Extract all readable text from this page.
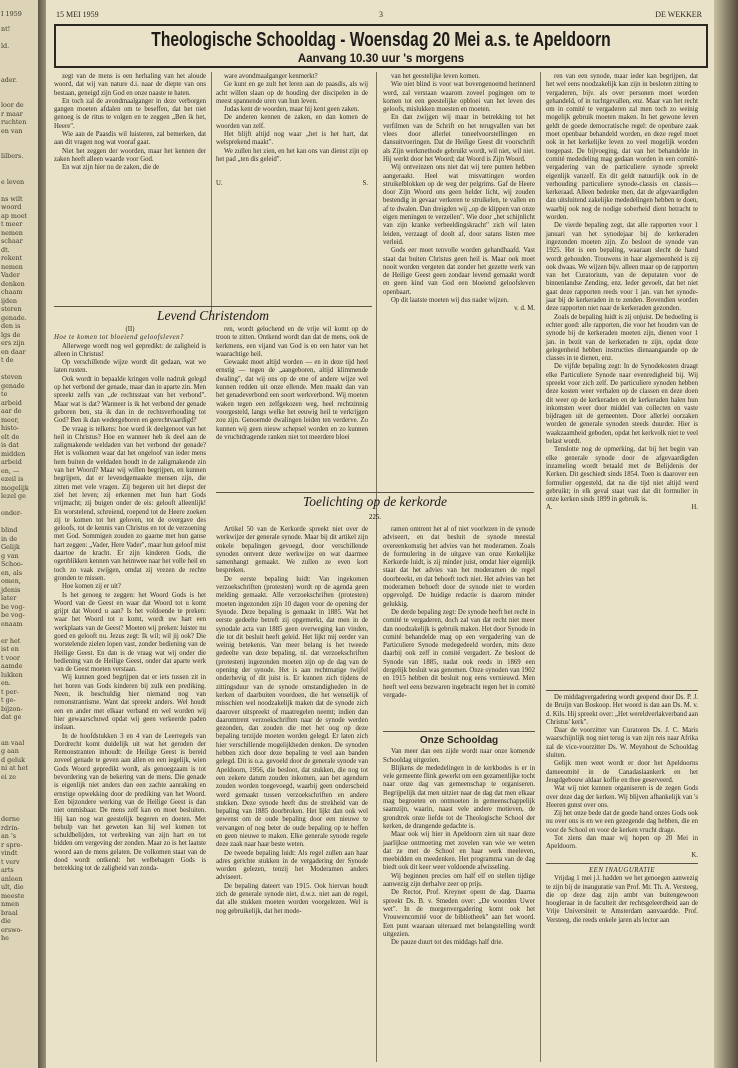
I 1959
nt!

ld.

ader.

loor de
r maar
ruchten
en van

lilbers.

e leven

ns wilt
woord
ap moet
t meer
nemen
schaar
dt.
rekent
nemen
Vader
denken
chaam
ijden
steren
genade.
den is
lgs de
ers zijn
en daar
t de

steven
genade
te
arbeid
aar de
meer,
histo-
elt de
is dat
midden
arbeid
en, —
ezeil is
mogelijk
lezel ge

onder-

blind
in de
Gelijk
g van
Schoo-
en, als
omen,
jdenis
later
be vog-
be vog-
enaam

er het
ist en
t voor
aamde
lukken
en.
t per-
t ge-
bijzon-
dat ge

an vaal
g aan
d geluk
ni at het
ei ze

derne
rdrin-
an 's
r spre-
vindt
t verv
arts
anleen
ult, die
meeste
nmen
braal
die
erswo-
he
15 MEI 1959	3	DE WEKKER
Theologische Schooldag - Woensdag 20 Mei a.s. te Apeldoorn
Aanvang 10.30 uur 's morgens

zegt van de mens is een herhaling van het aloude woord, dat wij van nature d.i. naar de diepte van ons bestaan, geneigd zijn God en onze naaste te haten.

En toch zal de avondmaalganger in deze verborgen gangen moeten afdalen om te beseffen, dat het niet genoeg is de ritus te volgen en te zeggen „Ben ik het, Heere".

Wie aan de Paasdis wil luisteren, zal bemerken, dat aan dit vragen nog wat vooraf gaat.

Niet het zeggen der woorden, maar het kennen der zaken heeft alleen waarde voor God.

En wat zijn hier nu de zaken, die de

ware avondmaalganger kenmerkt?

Ge kunt en ge zult het leren aan de paasdis, als wij acht willen slaan op de houding der discipelen in de meest spannende uren van hun leven.

Judas kent de woorden, maar hij kent geen zaken.

De anderen kennen de zaken, en dan komen de woorden van zelf.

Het blijft altijd nog waar „het is het hart, dat welsprekend maakt".

We zullen het zien, en het kan ons van dienst zijn op het pad „ten dis geleid".

U.	S.

van het geestelijke leven komen.

Wie niet blind is voor wat bovengenoemd herinnerd werd, zal verstaan waarom zoveel pogingen om te komen tot een geestelijke opbloei van het leven des geloofs, mislukken moesten en moeten.

En dan zwijgen wij maar in betrekking tot het verfilmen van de Schrift en het terugvallen van het vlees door allerlei toneelvoorstellingen en dansuitvoeringen. Dat de Heilige Geest dit voorschrift als Zijn werkmethode gebruikt wordt, wil niet, wil niet. Hij werkt door het Woord; dat Woord is Zijn Woord.

Wij ontveinzen ons niet dat wij tere punten hebben aangeraakt. Heel wat misvattingen worden struikelblokken op de weg der pelgrims. Gaf de Heere door Zijn Woord ons geen helder licht, wij zouden bestendig in gevaar verkeren te struikelen, te vallen en af te dwalen. Dan dreigden wij „op de klippen van onze eigen meningen te verzeilen". Wie door „het schijnlicht van zijn kranke verbeeldingskracht" zich wil laten leiden, verzaagt of doolt af, door satans listen mee verleid.

Gods eer moet tenvolle worden gehandhaafd. Vast staat dat buiten Christus geen heil is. Maar ook moet nooit worden vergeten dat zonder het gezette werk van de Heilige Geest geen zondaar levend gemaakt wordt en geen kind van God een bloeiend geloofsleven openbaart.

Op dit laatste moeten wij dus nader wijzen.

v. d. M.

ren van een synode, maar ieder kan begrijpen, dat het wel eens noodzakelijk kan zijn in besloten zitting te vergaderen, bijv. als over personen moet worden gehandeld, of in tuchtgevallen, enz. Maar van het recht om in comité te vergaderen zal men toch zo weinig mogelijk gebruik moeten maken. In het gewone leven geldt de goede democratische regel: de openbare zaak moet openbaar behandeld worden, en deze regel moet ook in het kerkelijke leven zo veel mogelijk worden toegepast. De bijvoeging, dat van het behandelde in comité mededeling mag gedaan worden in een comité-vergadering van de particuliere synode spreekt eigenlijk vanzelf. En dit geldt natuurlijk ook in de verhouding particuliere synode-classis en classis—kerkeraad. Alleen bedenke men, dat de afgevaardigden dan uitsluitend zakelijke mededelingen hebben te doen, waarbij ook nog de nodige soberheid dient betracht te worden.

De vierde bepaling zegt, dat alle rapporten voor 1 januari van het synodejaar bij de kerkeraden ingezonden moeten zijn. Zo besloot de synode van 1925. Het is een bepaling, waaraan slecht de hand wordt gehouden. Trouwens in haar algemeenheid is zij ook dwaas. We wijzen bijv. alleen maar op de rapporten van het Curatorium, van de deputaten voor de binnenlandse Zending, enz. Ieder gevoelt, dat het niet gaat deze rapporten reeds voor 1 jan. van het synode-jaar bij de kerkeraden in te zenden. Bovendien worden deze rapporten niet naar de kerkeraden gezonden.

Zoals de bepaling luidt is zij onjuist. De bedoeling is echter goed: alle rapporten, die voor het houden van de synode bij de kerkeraden moeten zijn, dienen voor 1 jan. in bezit van de kerkeraden te zijn, opdat deze gelegenheid hebben instructies dienaangaande op de classes in te dienen, enz.

De vijfde bepaling zegt: In de Synodekosten draagt elke Particuliere Synode naar evenredigheid bij. Wij spreekt voor zich zelf. De particuliere synoden hebben deze kosten weer verhalen op de classen en deze doen dit weer op de kerkeraden en de kerkeraden halen hun inkomsten weer door middel van collecten en vaste bijdragen uit de gemeenten. Door allerlei oorzaken worden de generale synoden steeds duurder. Hier is waakzaamheid geboden, opdat het kerkvolk niet te veel belast wordt.

Tenslotte nog de opmerking, dat bij het begin van elke generale synode door de afgevaardigden inzameling wordt betaald met de Belijdenis der Kerken. Dit geschiedt sinds 1854. Toen is daarover een formulier opgesteld, dat na die tijd niet altijd werd gebruikt; in elk geval staat vast dat dit formulier in onze kerken sinds 1899 in gebruik is.

A.	H.
Levend Christendom
(II)
Hoe te komen tot bloeiend geloofsleven?

Allerwege wordt nog wel gepredikt: de zaligheid is alleen in Christus!

Op verschillende wijze wordt dit gedaan, wat we laten rusten.

Ook wordt in bepaalde kringen volle nadruk gelegd op het verbond der genade, maar dan in aparte zin. Men spreekt zelfs van „de rechtsstaat van het verbond". Maar wat is dat? Wanneer is ik het verbond der genade geboren ben, sta ik dan in de rechtsverhouding tot God? Ben ik dan wedergeboren en gerechtvaardigd?

De vraag is telkens: hoe word ik deelgenoot van het heil in Christus? Hoe en wanneer heb ik deel aan de zaligmakende weldaden van het verbond der genade? Het is volkomen waar dat het ongeloof van ieder mens hem buiten de weldaden houdt in de zaligmakende zin van het Woord? Maar wij willen begrijpen, en kunnen begrijpen, dat er levendgemaakte mensen zijn, die zitten met vele vragen. Zij begeren uit het diepst der ziel het leven; zij erkennen met hun hart Gods vrijmacht; zij buigen onder de eis: gelooft alleenlijk! En worstelend, schreiend, roepend tot de Heere zoeken zij te komen tot het geloven, tot de overgave des geloofs, tot de kennis van Christus en tot de verzoening met God. Sommigen zouden zo gaarne met hun ganse hart zeggen: „Vader, Here Vader", maar hun geloof mist daartoe de kracht. Er zijn kinderen Gods, die ogenblikken kennen van heimwee naar het volle heil en toch zo vaak zwijgen, omdat zij vrezen de rechte gronden te missen.

Hoe komen zij er uit?

Is het genoeg te zeggen: het Woord Gods is het Woord van de Geest en waar dat Woord tot u komt grijpt dat Woord u aan? Is het voldoende te preken: waar het Woord tot u komt, wordt uw hart een werkplaats van de Geest? Moeten wij preken: luister nu goed en gelooft nu. Jezus zegt: Ik wil; wil jij ook? Die worstelende zielen lopen vast, zonder bediening van de Heilige Geest. En dan is de vraag wat wij onder die bediening van de Heilige Geest, onder dat aparte werk van de Geest moeten verstaan.

Wij kunnen goed begrijpen dat er iets tussen zit in het horen van Gods kinderen bij zulk een prediking. Neen, ik beschuldig hier niemand nog van remonstrantisme. Want dat spreekt anders. Wel houdt een en ander met elkaar verband en wel worden wij hier gewaarschuwd opdat wij geen verkeerde paden inslaan.

In de hoofdstukken 3 en 4 van de Leerregels van Dordrecht komt duidelijk uit wat het geroden der Remonstranten inhoudt: de Heilige Geest is bereid zoveel genade te geven aan allen en een iegelijk, wien Gods Woord gepredikt wordt, als genoegzaam is tot bevordering van de bekering van de mens. Die genade is eigenlijk niet anders dan een zachte aanraking en ernstige opwekking door de prediking van het Woord. Een bijzondere werking van de Heilige Geest is dan niet onmisbaar. De mens zelf kan en moet besluiten. Hij kan nog wat geestelijk begeren en doeten. Met behulp van het geweten kan hij wel komen tot schuldbelijden, tot verbreking van zijn hart en tot bidden om vergeving der zonden. Maar zo is het laatste woord aan de mens gelaten. De volkomen staat van de dood wordt ontkend: het welbehagen Gods is betrekking tot de zaligheid van zonda-

ren, wordt gelochend en de vrije wil komt op de troon te zitten. Ontkend wordt dan dat de mens, ook de kerkmens, een vijand van God is en een hater van het waarachtige heil.

Gewaakt moet altijd worden — en in deze tijd heel ernstig — tegen de „aangeboren, altijd klimmende dwaling", dat wij ons op de ene of andere wijze wel kunnen redden uit onze ellende. Men maakt dan van het genadeverbond een soort werkverbond. Wij moeten waken tegen een zelfgekozen weg, heel rechtzinnig voorgesteld, langs welke het eeuwig heil te verkrijgen zou zijn. Genoemde dwalingen leiden ten verderve. Zo kunnen wij geen nieuw schepsel worden en zo kunnen de vruchtdragende ranken niet tot meerdere bloei

Toelichting op de kerkorde
225.

Artikel 50 van de Kerkorde spreekt niet over de werkwijze der generale synode. Maar bij dit artikel zijn enkele bepalingen gevoegd, door verschillende synoden ontvent deze werkwijze en wat daarmee samenhangt gemaakt. We zullen ze even kort bespreken.

De eerste bepaling luidt: Van ingekomen verzoekschriften (protesten) wordt op de agenda geen melding gemaakt. Alle verzoekschriften (protesten) moeten ingezonden zijn 10 dagen voor de opening der Synode. Deze bepaling is gemaakt in 1885. Wat het eerste gedeelte betreft zij opgemerkt, dat men in de synodale acta van 1885 geen overweging kan vinden, die tot dit besluit heeft geleid. Het lijkt mij eerder van weinig betekenis. Van meer belang is het tweede gedeelte van deze bepaling, nl. dat verzoekschriften (protesten) ingezonden moeten zijn op de dag van de opening der synode. Het is aan rechtmatige twijfel onderhevig of dit juist is. Er kunnen zich tijdens de zittingsduur van de synode omstandigheden in de kerken of daarbuiten voordoen, die het wenselijk of misschien wel noodzakelijk maken dat de synode zich daarover uitspreekt of maatregelen neemt; indien dan daaromtrent verzoekschriften naar de synode werden gezonden, dan zouden die met het oog op deze bepaling terzijde moeten worden gelegd. Er laten zich hier verschillende mogelijkheden denken. De synoden hebben zich door deze bepaling te veel aan banden gelegd. Dit is o.a. gevoeld door de generale synode van Apeldoorn, 1956, die besloot, dat stukken, die nog tot een zekere datum zouden inkomen, aan het agendum zouden worden toegevoegd, waarbij geen onderscheid werd gemaakt tussen verzoekschriften en andere stukken. Deze synode heeft dus de strekheid van de bepaling van 1885 doorbroken. Het lijkt dan ook wel gewenst om de oude bepaling door een nieuwe te vervangen of nog beter de oude bepaling op te heffen en geen nieuwe te maken. Elke generale synode regele deze zaak naar haar beste weten.

De tweede bepaling luidt: Als regel zullen aan haar adres gerichte stukken in de vergadering der Synode worden gelezen, tenzij het Moderamen anders adviseert.

De bepaling dateert van 1915. Ook hiervan houdt zich de generale synode niet, d.w.z. niet aan de regel, dat alle stukken moeten worden voorgelezen. Wel is nog gebruikelijk, dat het mode-

ramen omtrent het al of niet voorlezen in de synode adviseert, en dat besluit de synode meestal overeenkomstig het advies van het moderamen. Zoals de formulering in de uitgave van onze Kerkelijke Kerkorde luidt, is zij minder juist, omdat hier eigenlijk staat dat het advies van het moderamen de regel doorbreekt, en dat behoeft toch niet. Het advies van het moderamen behoeft door de synode niet te worden opgevolgd. De huidige redactie is daarom minder gelukkig.

De derde bepaling zegt: De synode heeft het recht in comité te vergaderen, doch zal van dat recht niet meer dan noodzakelijk is gebruik maken. Het door Synode in comité behandelde mag op een vergadering van de Particuliere Synode medegedeeld worden, mits deze daarbij ook zelf in comité vergadert. Ze besloot de Synode van 1885, nadat ook reeds in 1869 een dergelijk besluit was genomen. Onze synoden van 1902 en 1915 hebben dit besluit nog eens vernieuwd. Men heeft wel eens bezwaren ingebracht tegen het in comité vergade-

Onze Schooldag

Van meer dan een zijde wordt naar onze komende Schooldag uitgezien.

Blijkens de mededelingen in de kerkbodes is er in vele gemeente flink gewerkt om een gezamenlijke tocht naar onze dag van gemeenschap te organiseren. Begrijpelijk dat men uitziet naar de dag dat men elkaar mag begroeten en ontmoeten in gemeenschappelijk saamzijn, waarin, naast vele andere motieven, de grondtrek onze liefde tot de Theologische School der kerken, de drangende gedachte is.

Maar ook wij hier in Apeldoorn zien uit naar deze jaarlijkse ontmoeting met zovelen van wie we weten dat ze met de School en haar werk meeleven, meebidden en meedenken. Het programma van de dag biedt ook dit keer weer voldoende afwisseling.

Wij beginnen precies om half elf en stellen tijdige aanwezig zijn derhalve zeer op prijs.

De Rector, Prof. Kreyner opent de dag. Daarna spreekt Ds. B. v. Smeden over: „De woorden Uwer wet". In de morgenvergadering komt ook het Vrouwencomité voor de bibliotheek" aan het woord. Een punt waaraan uiteraard met belangstelling wordt uitgezien.

De pauze duurt tot des middags half drie.

De middagvergadering wordt geopend door Ds. P. J. de Bruijn van Boskoop. Het woord is dan aan Ds. M. v. d. Kils. Hij spreekt over: „Het wereldverlakverband aan Christus' kerk".

Daar de voorzitter van Curatoren Ds. J. C. Maris waarschijnlijk nog niet terug is van zijn reis naar Afrika zal de vice-voorzitter Ds. W. Meynhout de Schooldag sluiten.

Gelijk men weet wordt er door het Apeldoorns dameeomité in de Canadaslaankerk en het Jeugdgebouw aldaar koffie en thee geserveerd.

Wat wij niet kunnen organiseren is de zegen Gods over deze dag der kerken. Wij blijven afhankelijk van 's Heeren gunst over ons.

Zij het onze bede dat de goede hand onzes Gods ook nu over ons is en we een gezegende dag hebben, die en voor de School en voor de kerken vrucht drage.

Tot ziens dan maar wij hopen op 20 Mei in Apeldoorn.

K.
EEN INAUGURATIE

Vrijdag 1 mei j.l. hadden we het genoegen aanwezig te zijn bij de inauguratie van Prof. Mr. Th. A. Versteeg, die op deze dag zijn ambt van buitengewoon hoogleraar in de faculteit der rechtsgeleerdheid aan de Vrije Universiteit te Amsterdam aanvaardde. Prof. Versteeg, die reeds enkele jaren als lector aan
